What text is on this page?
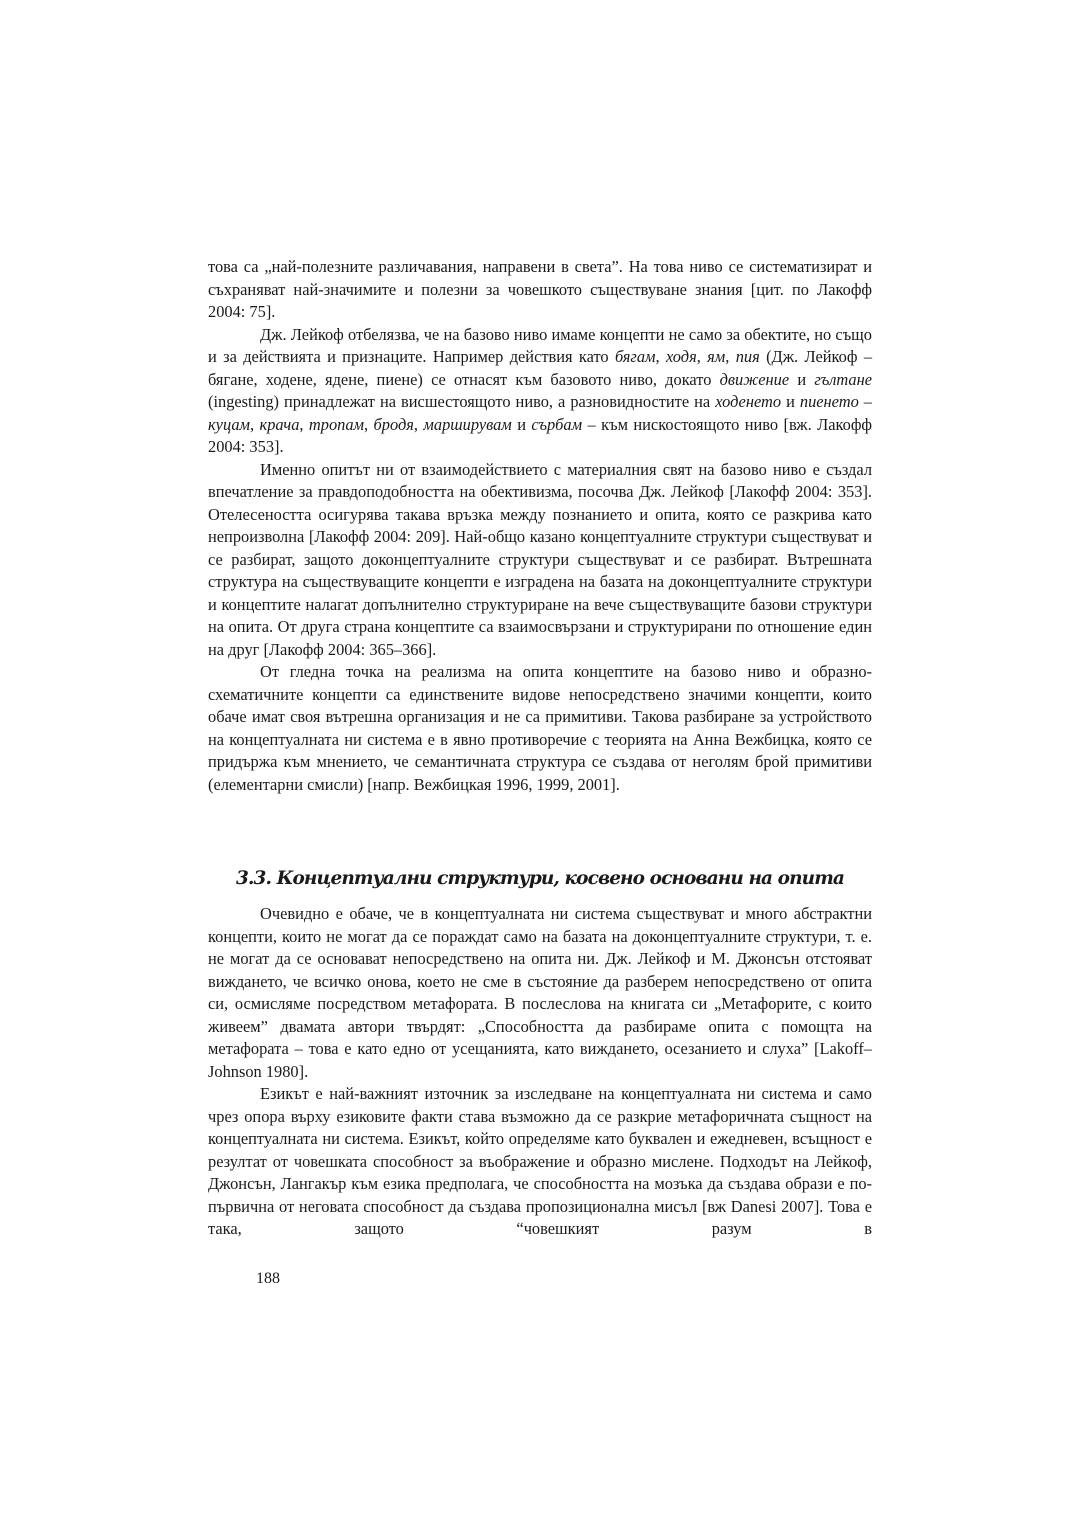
това са „най-полезните различавания, направени в света”. На това ниво се систематизират и съхраняват най-значимите и полезни за човешкото съществуване знания [цит. по Лакофф 2004: 75].

Дж. Лейкоф отбелязва, че на базово ниво имаме концепти не само за обектите, но също и за действията и признаците. Например действия като бягам, ходя, ям, пия (Дж. Лейкоф – бягане, ходене, ядене, пиене) се отнасят към базовото ниво, докато движение и гълтане (ingesting) принадлежат на висшестоящото ниво, а разновидностите на ходенето и пиенето – куцам, крача, тропам, бродя, марширувам и сърбам – към нискостоящото ниво [вж. Лакофф 2004: 353].

Именно опитът ни от взаимодействието с материалния свят на базово ниво е създал впечатление за правдоподобността на обективизма, посочва Дж. Лейкоф [Лакофф 2004: 353]. Отелесеността осигурява такава връзка между познанието и опита, която се разкрива като непроизволна [Лакофф 2004: 209]. Най-общо казано концептуалните структури съществуват и се разбират, защото доконцептуалните структури съществуват и се разбират. Вътрешната структура на съществуващите концепти е изградена на базата на доконцептуалните структури и концептите налагат допълнително структуриране на вече съществуващите базови структури на опита. От друга страна концептите са взаимосвързани и структурирани по отношение един на друг [Лакофф 2004: 365–366].

От гледна точка на реализма на опита концептите на базово ниво и образно-схематичните концепти са единствените видове непосредствено значими концепти, които обаче имат своя вътрешна организация и не са примитиви. Такова разбиране за устройството на концептуалната ни система е в явно противоречие с теорията на Анна Вежбицка, която се придържа към мнението, че семантичната структура се създава от неголям брой примитиви (елементарни смисли) [напр. Вежбицкая 1996, 1999, 2001].

3.3. Концептуални структури, косвено основани на опита

Очевидно е обаче, че в концептуалната ни система съществуват и много абстрактни концепти, които не могат да се пораждат само на базата на доконцептуалните структури, т. е. не могат да се основават непосредствено на опита ни. Дж. Лейкоф и М. Джонсън отстояват виждането, че всичко онова, което не сме в състояние да разберем непосредствено от опита си, осмисляме посредством метафората. В послеслова на книгата си „Метафорите, с които живеем” двамата автори твърдят: „Способността да разбираме опита с помощта на метафората – това е като едно от усещанията, като виждането, осезанието и слуха” [Lakoff–Johnson 1980].

Езикът е най-важният източник за изследване на концептуалната ни система и само чрез опора върху езиковите факти става възможно да се разкрие метафоричната същност на концептуалната ни система. Езикът, който определяме като буквален и ежедневен, всъщност е резултат от човешката способност за въображение и образно мислене. Подходът на Лейкоф, Джонсън, Лангакър към езика предполага, че способността на мозъка да създава образи е по-първична от неговата способност да създава пропозиционална мисъл [вж Danesi 2007]. Това е така, защото “човешкият разум в

188
